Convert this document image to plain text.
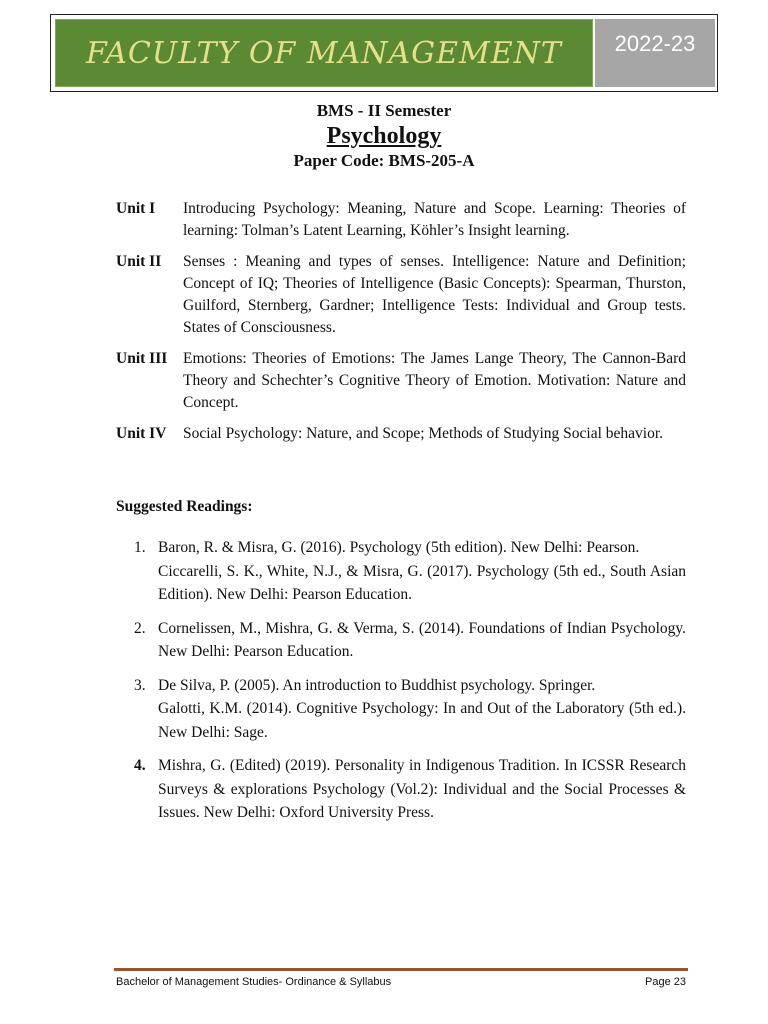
FACULTY OF MANAGEMENT 2022-23
BMS - II Semester
Psychology
Paper Code: BMS-205-A
Unit I	Introducing Psychology: Meaning, Nature and Scope. Learning: Theories of learning: Tolman’s Latent Learning, Köhler’s Insight learning.
Unit II	Senses : Meaning and types of senses. Intelligence: Nature and Definition; Concept of IQ; Theories of Intelligence (Basic Concepts): Spearman, Thurston, Guilford, Sternberg, Gardner; Intelligence Tests: Individual and Group tests. States of Consciousness.
Unit III	Emotions: Theories of Emotions: The James Lange Theory, The Cannon-Bard Theory and Schechter’s Cognitive Theory of Emotion. Motivation: Nature and Concept.
Unit IV	Social Psychology: Nature, and Scope; Methods of Studying Social behavior.
Suggested Readings:
1. Baron, R. & Misra, G. (2016). Psychology (5th edition). New Delhi: Pearson.
Ciccarelli, S. K., White, N.J., & Misra, G. (2017). Psychology (5th ed., South Asian Edition). New Delhi: Pearson Education.
2. Cornelissen, M., Mishra, G. & Verma, S. (2014). Foundations of Indian Psychology. New Delhi: Pearson Education.
3. De Silva, P. (2005). An introduction to Buddhist psychology. Springer.
Galotti, K.M. (2014). Cognitive Psychology: In and Out of the Laboratory (5th ed.). New Delhi: Sage.
4. Mishra, G. (Edited) (2019). Personality in Indigenous Tradition. In ICSSR Research Surveys & explorations Psychology (Vol.2): Individual and the Social Processes & Issues. New Delhi: Oxford University Press.
Bachelor of Management Studies- Ordinance & Syllabus	Page 23
